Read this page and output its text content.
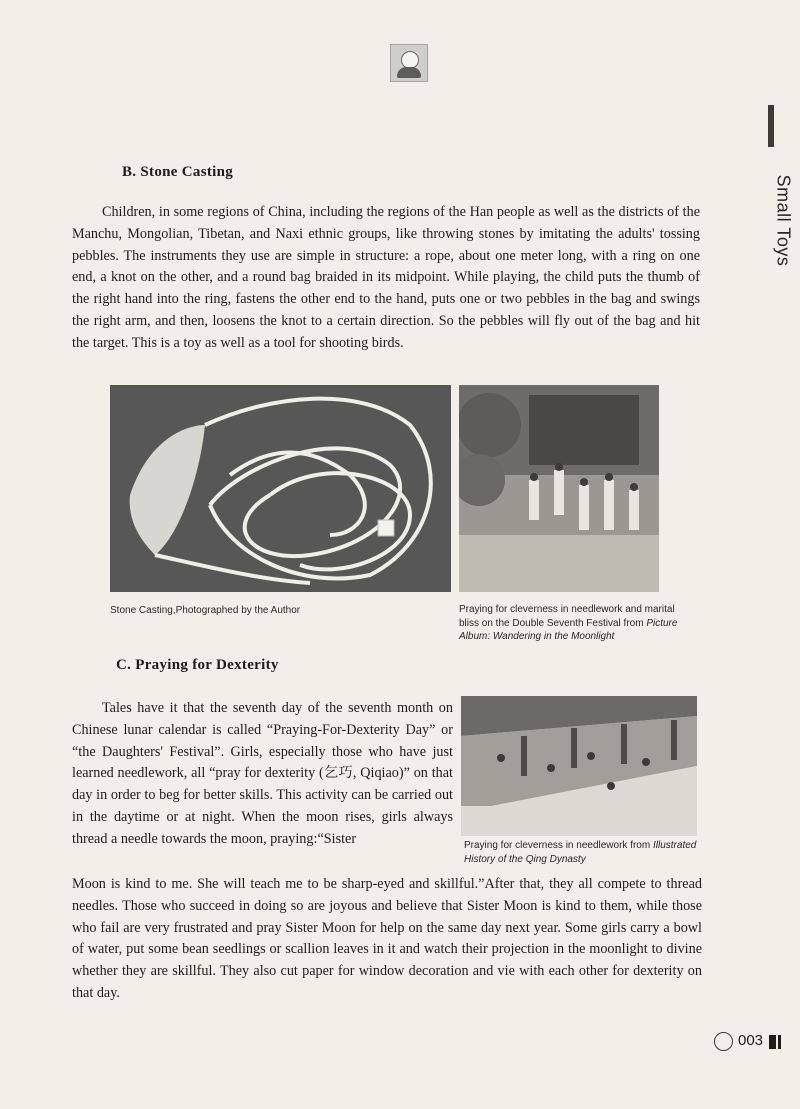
Small Toys
B. Stone Casting
Children, in some regions of China, including the regions of the Han people as well as the districts of the Manchu, Mongolian, Tibetan, and Naxi ethnic groups, like throwing stones by imitating the adults' tossing pebbles. The instruments they use are simple in structure: a rope, about one meter long, with a ring on one end, a knot on the other, and a round bag braided in its midpoint. While playing, the child puts the thumb of the right hand into the ring, fastens the other end to the hand, puts one or two pebbles in the bag and swings the right arm, and then, loosens the knot to a certain direction. So the pebbles will fly out of the bag and hit the target. This is a toy as well as a tool for shooting birds.
Stone Casting,Photographed by the Author	Praying for cleverness in needlework and marital bliss on the Double Seventh Festival from Picture Album: Wandering in the Moonlight
C. Praying for Dexterity
Tales have it that the seventh day of the seventh month on Chinese lunar calendar is called “Praying-For-Dexterity Day” or “the Daughters' Festival”. Girls, especially those who have just learned needlework, all “pray for dexterity (乞巧, Qiqiao)” on that day in order to beg for better skills. This activity can be carried out in the daytime or at night. When the moon rises, girls always thread a needle towards the moon, praying:“Sister	Praying for cleverness in needlework from Illustrated History of the Qing Dynasty
Moon is kind to me. She will teach me to be sharp-eyed and skillful.”After that, they all compete to thread needles. Those who succeed in doing so are joyous and believe that Sister Moon is kind to them, while those who fail are very frustrated and pray Sister Moon for help on the same day next year. Some girls carry a bowl of water, put some bean seedlings or scallion leaves in it and watch their projection in the moonlight to divine whether they are skillful. They also cut paper for window decoration and vie with each other for dexterity on that day.
003
